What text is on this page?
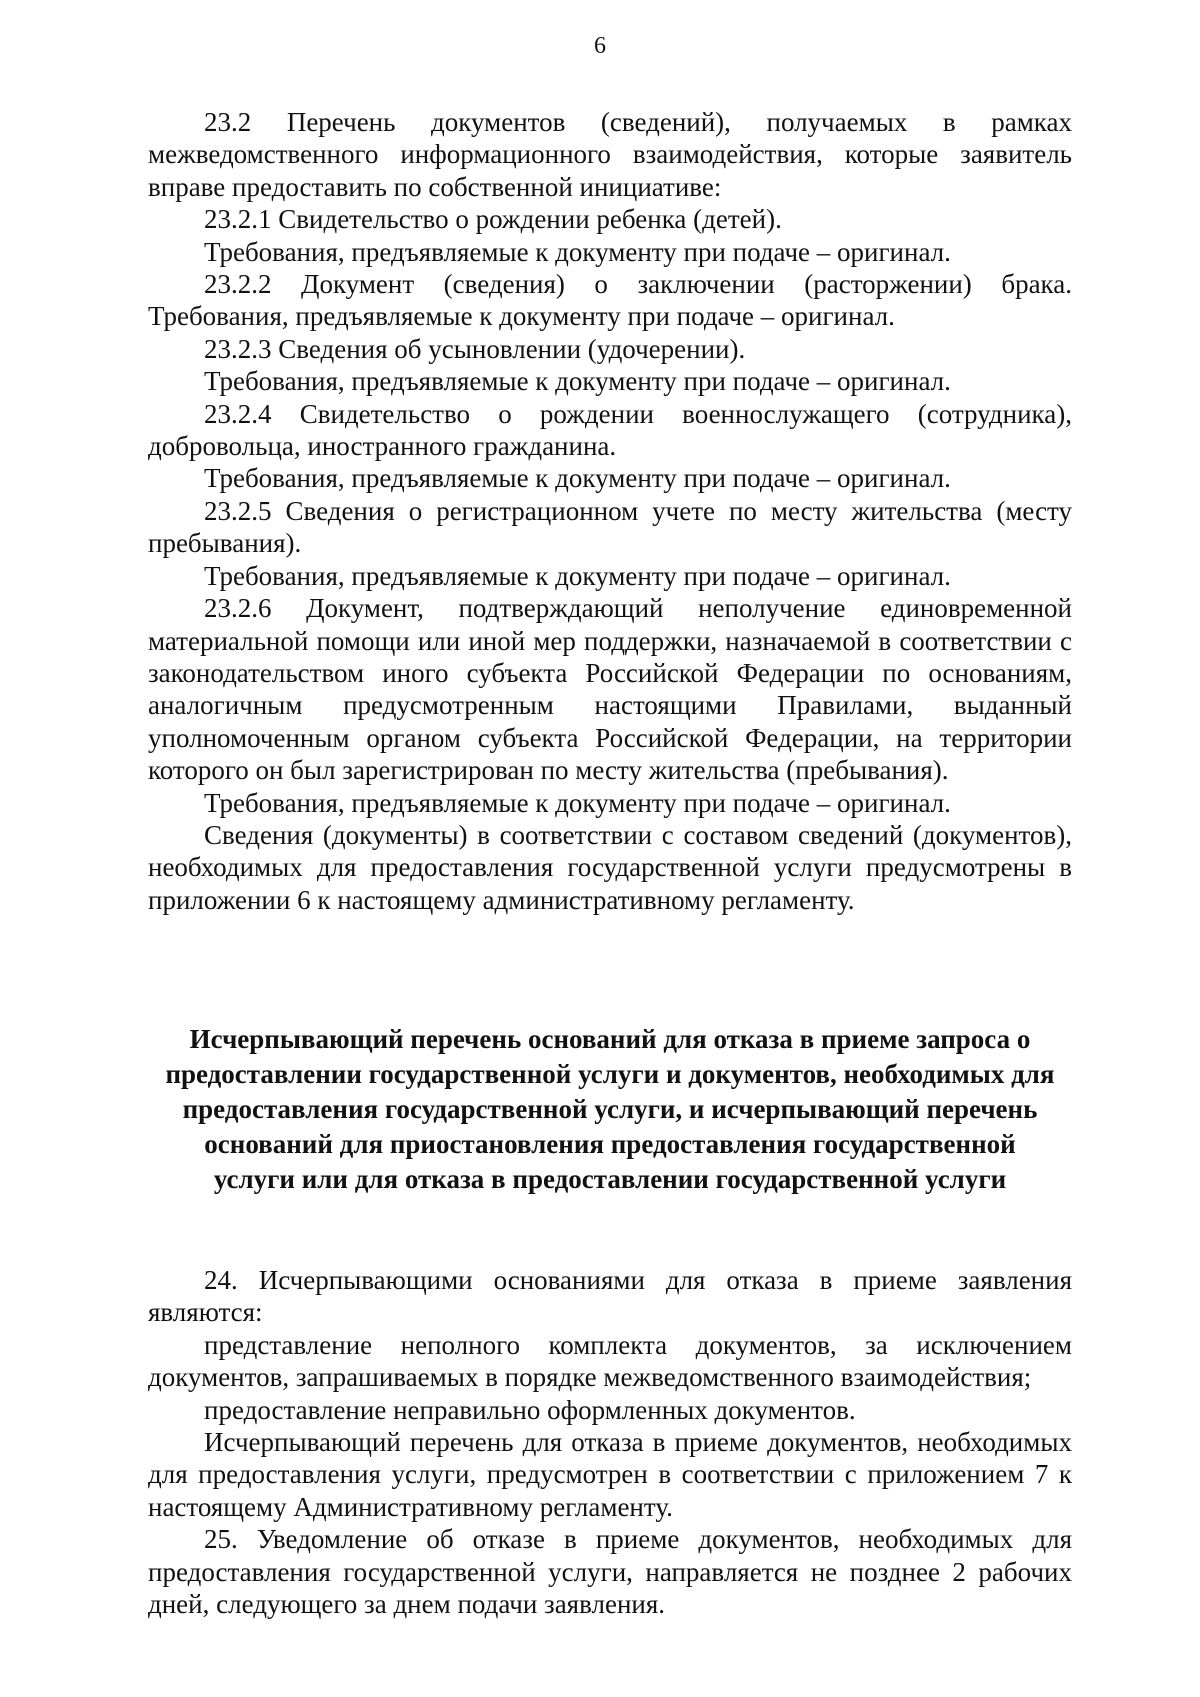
6

23.2 Перечень документов (сведений), получаемых в рамках межведомственного информационного взаимодействия, которые заявитель вправе предоставить по собственной инициативе:

23.2.1 Свидетельство о рождении ребенка (детей).

Требования, предъявляемые к документу при подаче – оригинал.

23.2.2 Документ (сведения) о заключении (расторжении) брака. Требования, предъявляемые к документу при подаче – оригинал.

23.2.3 Сведения об усыновлении (удочерении).

Требования, предъявляемые к документу при подаче – оригинал.

23.2.4 Свидетельство о рождении военнослужащего (сотрудника), добровольца, иностранного гражданина.

Требования, предъявляемые к документу при подаче – оригинал.

23.2.5 Сведения о регистрационном учете по месту жительства (месту пребывания).

Требования, предъявляемые к документу при подаче – оригинал.

23.2.6 Документ, подтверждающий неполучение единовременной материальной помощи или иной мер поддержки, назначаемой в соответствии с законодательством иного субъекта Российской Федерации по основаниям, аналогичным предусмотренным настоящими Правилами, выданный уполномоченным органом субъекта Российской Федерации, на территории которого он был зарегистрирован по месту жительства (пребывания).

Требования, предъявляемые к документу при подаче – оригинал.

Сведения (документы) в соответствии с составом сведений (документов), необходимых для предоставления государственной услуги предусмотрены в приложении 6 к настоящему административному регламенту.

Исчерпывающий перечень оснований для отказа в приеме запроса о
предоставлении государственной услуги и документов, необходимых для
предоставления государственной услуги, и исчерпывающий перечень
оснований для приостановления предоставления государственной
услуги или для отказа в предоставлении государственной услуги

24. Исчерпывающими основаниями для отказа в приеме заявления являются:

представление неполного комплекта документов, за исключением документов, запрашиваемых в порядке межведомственного взаимодействия;

предоставление неправильно оформленных документов.

Исчерпывающий перечень для отказа в приеме документов, необходимых для предоставления услуги, предусмотрен в соответствии с приложением 7 к настоящему Административному регламенту.

25. Уведомление об отказе в приеме документов, необходимых для предоставления государственной услуги, направляется не позднее 2 рабочих дней, следующего за днем подачи заявления.
